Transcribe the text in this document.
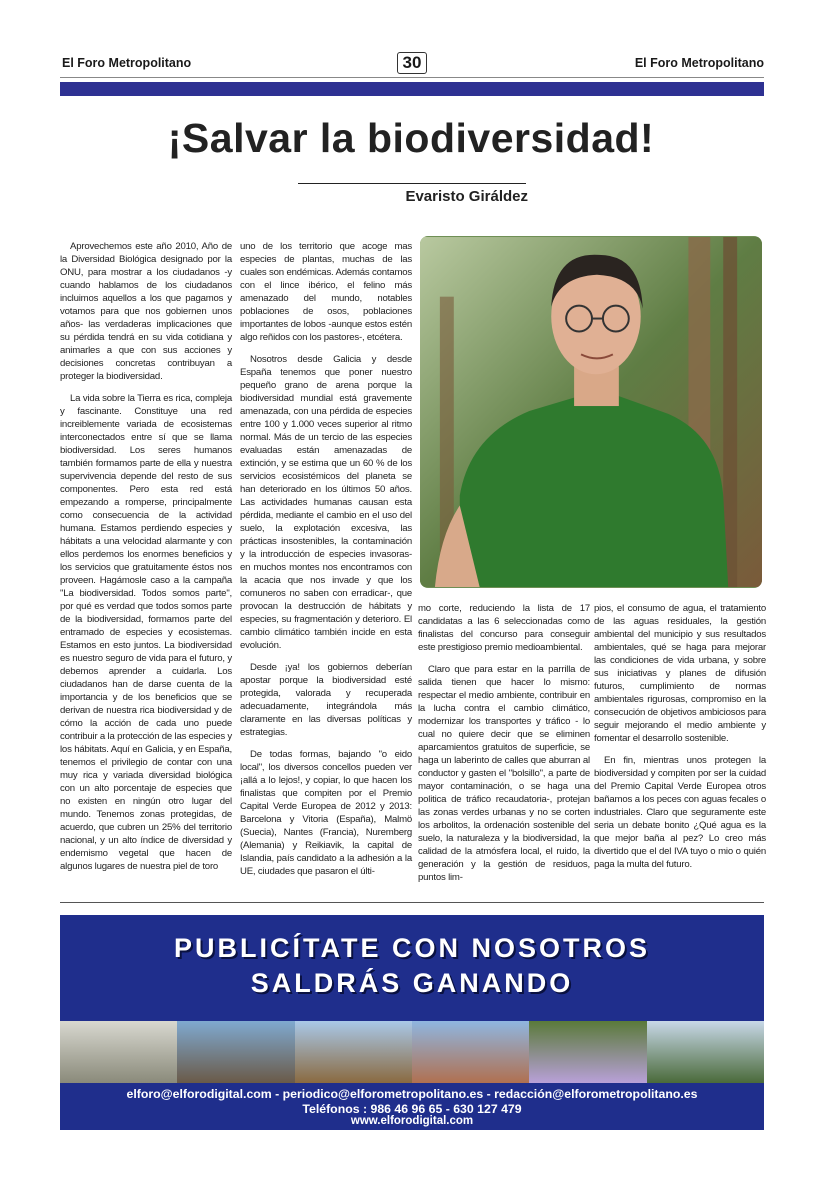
El Foro Metropolitano	30	El Foro Metropolitano
¡Salvar la biodiversidad!
Evaristo Giráldez

Aprovechemos este año 2010, Año de la Diversidad Biológica designado por la ONU, para mostrar a los ciudadanos -y cuando hablamos de los ciudadanos incluimos aquellos a los que pagamos y votamos para que nos gobiernen unos años- las verdaderas implicaciones que su pérdida tendrá en su vida cotidiana y animarles a que con sus acciones y decisiones concretas contribuyan a proteger la biodiversidad.

La vida sobre la Tierra es rica, compleja y fascinante. Constituye una red increiblemente variada de ecosistemas interconectados entre sí que se llama biodiversidad. Los seres humanos también formamos parte de ella y nuestra supervivencia depende del resto de sus componentes. Pero esta red está empezando a romperse, principalmente como consecuencia de la actividad humana. Estamos perdiendo especies y hábitats a una velocidad alarmante y con ellos perdemos los enormes beneficios y los servicios que gratuitamente éstos nos proveen. Hagámosle caso a la campaña "La biodiversidad. Todos somos parte", por qué es verdad que todos somos parte de la biodiversidad, formamos parte del entramado de especies y ecosistemas. Estamos en esto juntos. La biodiversidad es nuestro seguro de vida para el futuro, y debemos aprender a cuidarla. Los ciudadanos han de darse cuenta de la importancia y de los beneficios que se derivan de nuestra rica biodiversidad y de cómo la acción de cada uno puede contribuir a la protección de las especies y los hábitats. Aquí en Galicia, y en España, tenemos el privilegio de contar con una muy rica y variada diversidad biológica con un alto porcentaje de especies que no existen en ningún otro lugar del mundo. Tenemos zonas protegidas, de acuerdo, que cubren un 25% del territorio nacional, y un alto índice de diversidad y endemismo vegetal que hacen de algunos lugares de nuestra piel de toro

uno de los territorio que acoge mas especies de plantas, muchas de las cuales son endémicas. Además contamos con el lince ibérico, el felino más amenazado del mundo, notables poblaciones de osos, poblaciones importantes de lobos -aunque estos estén algo reñidos con los pastores-, etcétera.

Nosotros desde Galicia y desde España tenemos que poner nuestro pequeño grano de arena porque la biodiversidad mundial está gravemente amenazada, con una pérdida de especies entre 100 y 1.000 veces superior al ritmo normal. Más de un tercio de las especies evaluadas están amenazadas de extinción, y se estima que un 60 % de los servicios ecosistémicos del planeta se han deteriorado en los últimos 50 años. Las actividades humanas causan esta pérdida, mediante el cambio en el uso del suelo, la explotación excesiva, las prácticas insostenibles, la contaminación y la introducción de especies invasoras- en muchos montes nos encontramos con la acacia que nos invade y que los comuneros no saben con erradicar-, que provocan la destrucción de hábitats y especies, su fragmentación y deterioro. El cambio climático también incide en esta evolución.

Desde ¡ya! los gobiernos deberían apostar porque la biodiversidad esté protegida, valorada y recuperada adecuadamente, integrándola más claramente en las diversas políticas y estrategias.

De todas formas, bajando "o eido local", los diversos concellos pueden ver ¡allá a lo lejos!, y copiar, lo que hacen los finalistas que compiten por el Premio Capital Verde Europea de 2012 y 2013: Barcelona y Vitoria (España), Malmö (Suecia), Nantes (Francia), Nuremberg (Alemania) y Reikiavik, la capital de Islandia, país candidato a la adhesión a la UE, ciudades que pasaron el últi-

mo corte, reduciendo la lista de 17 candidatas a las 6 seleccionadas como finalistas del concurso para conseguir este prestigioso premio medioambiental.

Claro que para estar en la parrilla de salida tienen que hacer lo mismo: respectar el medio ambiente, contribuir en la lucha contra el cambio climático, modernizar los transportes y tráfico - lo cual no quiere decir que se eliminen aparcamientos gratuitos de superficie, se haga un laberinto de calles que aburran al conductor y gasten el "bolsillo", a parte de mayor contaminación, o se haga una politica de tráfico recaudatoria-, protejan las zonas verdes urbanas y no se corten los arbolitos, la ordenación sostenible del suelo, la naturaleza y la biodiversidad, la calidad de la atmósfera local, el ruido, la generación y la gestión de residuos, puntos lim-

pios, el consumo de agua, el tratamiento de las aguas residuales, la gestión ambiental del municipio y sus resultados ambientales, qué se haga para mejorar las condiciones de vida urbana, y sobre sus iniciativas y planes de difusión futuros, cumplimiento de normas ambientales rigurosas, compromiso en la consecución de objetivos ambiciosos para seguir mejorando el medio ambiente y fomentar el desarrollo sostenible.

En fin, mientras unos protegen la biodiversidad y compiten por ser la cuidad del Premio Capital Verde Europea otros bañamos a los peces con aguas fecales o industriales. Claro que seguramente este seria un debate bonito ¿Qué agua es la que mejor baña al pez? Lo creo más divertido que el del IVA tuyo o mio o quién paga la multa del futuro.

PUBLICÍTATE CON NOSOTROS
SALDRÁS GANANDO
elforo@elforodigital.com - periodico@elforometropolitano.es - redacción@elforometropolitano.es
Teléfonos : 986 46 96 65 - 630 127 479
www.elforodigital.com
